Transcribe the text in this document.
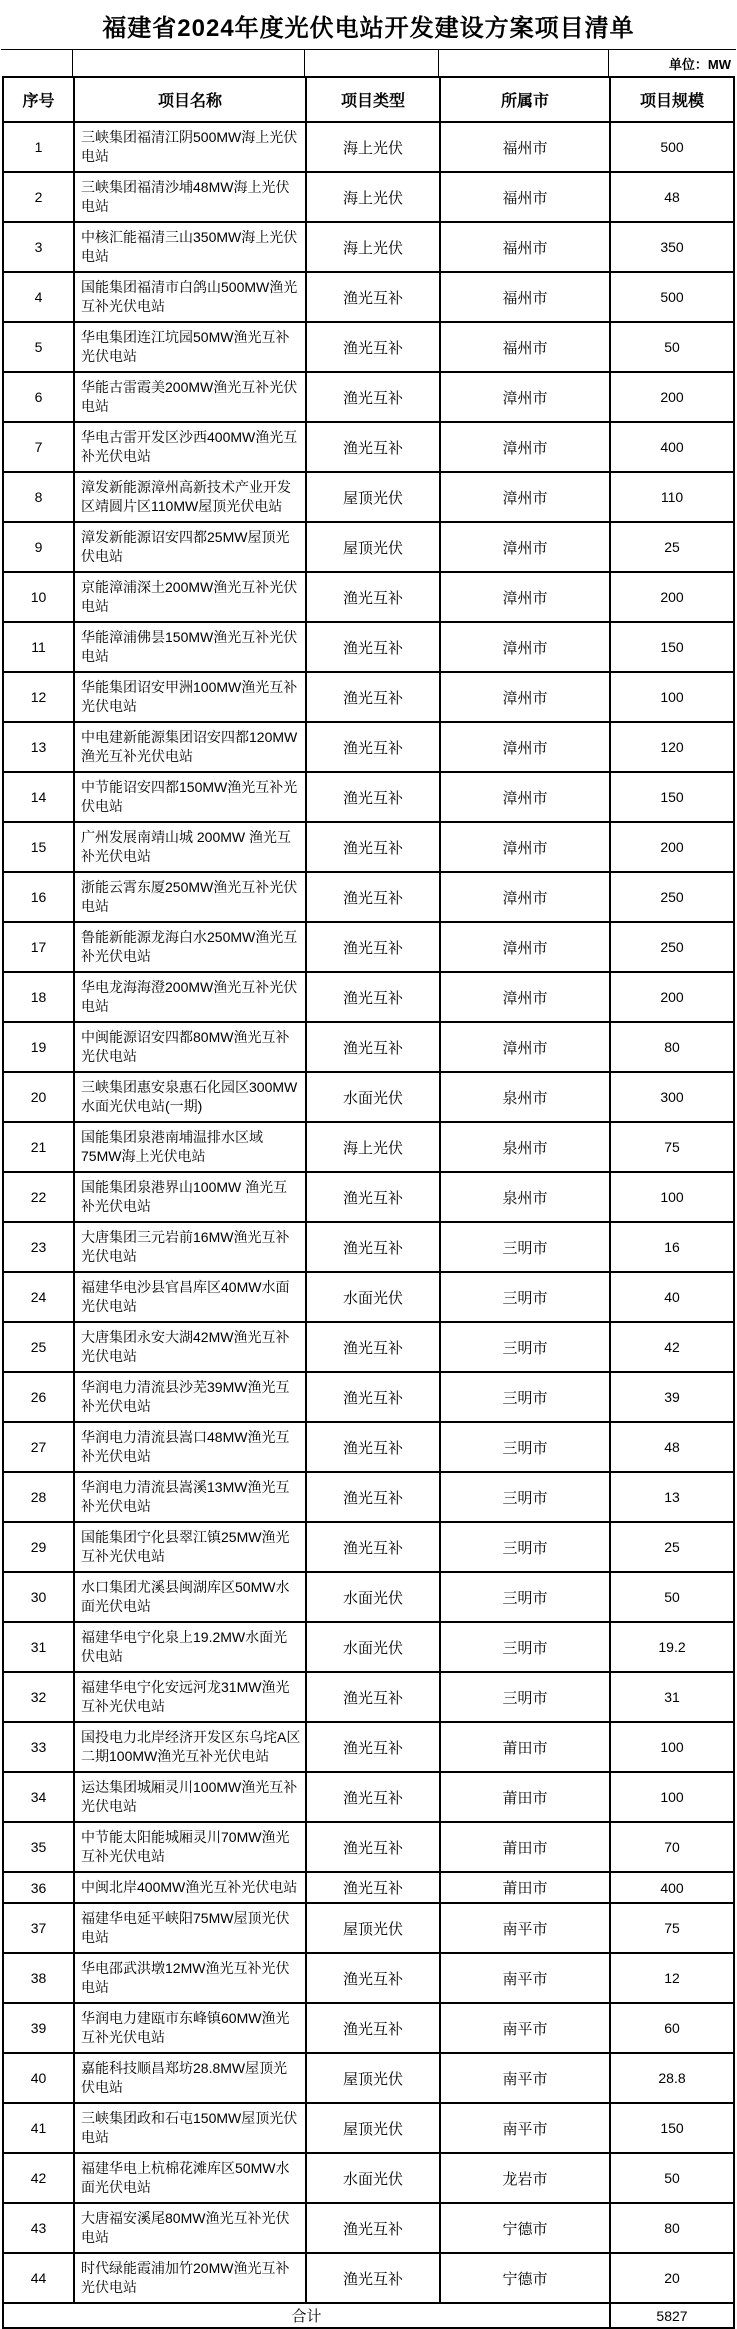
福建省2024年度光伏电站开发建设方案项目清单
单位：MW
序号	项目名称	项目类型	所属市	项目规模
1	三峡集团福清江阴500MW海上光伏电站	海上光伏	福州市	500
2	三峡集团福清沙埔48MW海上光伏电站	海上光伏	福州市	48
3	中核汇能福清三山350MW海上光伏电站	海上光伏	福州市	350
4	国能集团福清市白鸽山500MW渔光互补光伏电站	渔光互补	福州市	500
5	华电集团连江坑园50MW渔光互补光伏电站	渔光互补	福州市	50
6	华能古雷霞美200MW渔光互补光伏电站	渔光互补	漳州市	200
7	华电古雷开发区沙西400MW渔光互补光伏电站	渔光互补	漳州市	400
8	漳发新能源漳州高新技术产业开发区靖圆片区110MW屋顶光伏电站	屋顶光伏	漳州市	110
9	漳发新能源诏安四都25MW屋顶光伏电站	屋顶光伏	漳州市	25
10	京能漳浦深土200MW渔光互补光伏电站	渔光互补	漳州市	200
11	华能漳浦佛昙150MW渔光互补光伏电站	渔光互补	漳州市	150
12	华能集团诏安甲洲100MW渔光互补光伏电站	渔光互补	漳州市	100
13	中电建新能源集团诏安四都120MW渔光互补光伏电站	渔光互补	漳州市	120
14	中节能诏安四都150MW渔光互补光伏电站	渔光互补	漳州市	150
15	广州发展南靖山城 200MW 渔光互补光伏电站	渔光互补	漳州市	200
16	浙能云霄东厦250MW渔光互补光伏电站	渔光互补	漳州市	250
17	鲁能新能源龙海白水250MW渔光互补光伏电站	渔光互补	漳州市	250
18	华电龙海海澄200MW渔光互补光伏电站	渔光互补	漳州市	200
19	中闽能源诏安四都80MW渔光互补光伏电站	渔光互补	漳州市	80
20	三峡集团惠安泉惠石化园区300MW水面光伏电站(一期)	水面光伏	泉州市	300
21	国能集团泉港南埔温排水区域75MW海上光伏电站	海上光伏	泉州市	75
22	国能集团泉港界山100MW 渔光互补光伏电站	渔光互补	泉州市	100
23	大唐集团三元岩前16MW渔光互补光伏电站	渔光互补	三明市	16
24	福建华电沙县官昌库区40MW水面光伏电站	水面光伏	三明市	40
25	大唐集团永安大湖42MW渔光互补光伏电站	渔光互补	三明市	42
26	华润电力清流县沙芜39MW渔光互补光伏电站	渔光互补	三明市	39
27	华润电力清流县嵩口48MW渔光互补光伏电站	渔光互补	三明市	48
28	华润电力清流县嵩溪13MW渔光互补光伏电站	渔光互补	三明市	13
29	国能集团宁化县翠江镇25MW渔光互补光伏电站	渔光互补	三明市	25
30	水口集团尤溪县闽湖库区50MW水面光伏电站	水面光伏	三明市	50
31	福建华电宁化泉上19.2MW水面光伏电站	水面光伏	三明市	19.2
32	福建华电宁化安远河龙31MW渔光互补光伏电站	渔光互补	三明市	31
33	国投电力北岸经济开发区东乌垞A区二期100MW渔光互补光伏电站	渔光互补	莆田市	100
34	运达集团城厢灵川100MW渔光互补光伏电站	渔光互补	莆田市	100
35	中节能太阳能城厢灵川70MW渔光互补光伏电站	渔光互补	莆田市	70
36	中闽北岸400MW渔光互补光伏电站	渔光互补	莆田市	400
37	福建华电延平峡阳75MW屋顶光伏电站	屋顶光伏	南平市	75
38	华电邵武洪墩12MW渔光互补光伏电站	渔光互补	南平市	12
39	华润电力建瓯市东峰镇60MW渔光互补光伏电站	渔光互补	南平市	60
40	嘉能科技顺昌郑坊28.8MW屋顶光伏电站	屋顶光伏	南平市	28.8
41	三峡集团政和石屯150MW屋顶光伏电站	屋顶光伏	南平市	150
42	福建华电上杭棉花滩库区50MW水面光伏电站	水面光伏	龙岩市	50
43	大唐福安溪尾80MW渔光互补光伏电站	渔光互补	宁德市	80
44	时代绿能霞浦加竹20MW渔光互补光伏电站	渔光互补	宁德市	20
合计				5827
